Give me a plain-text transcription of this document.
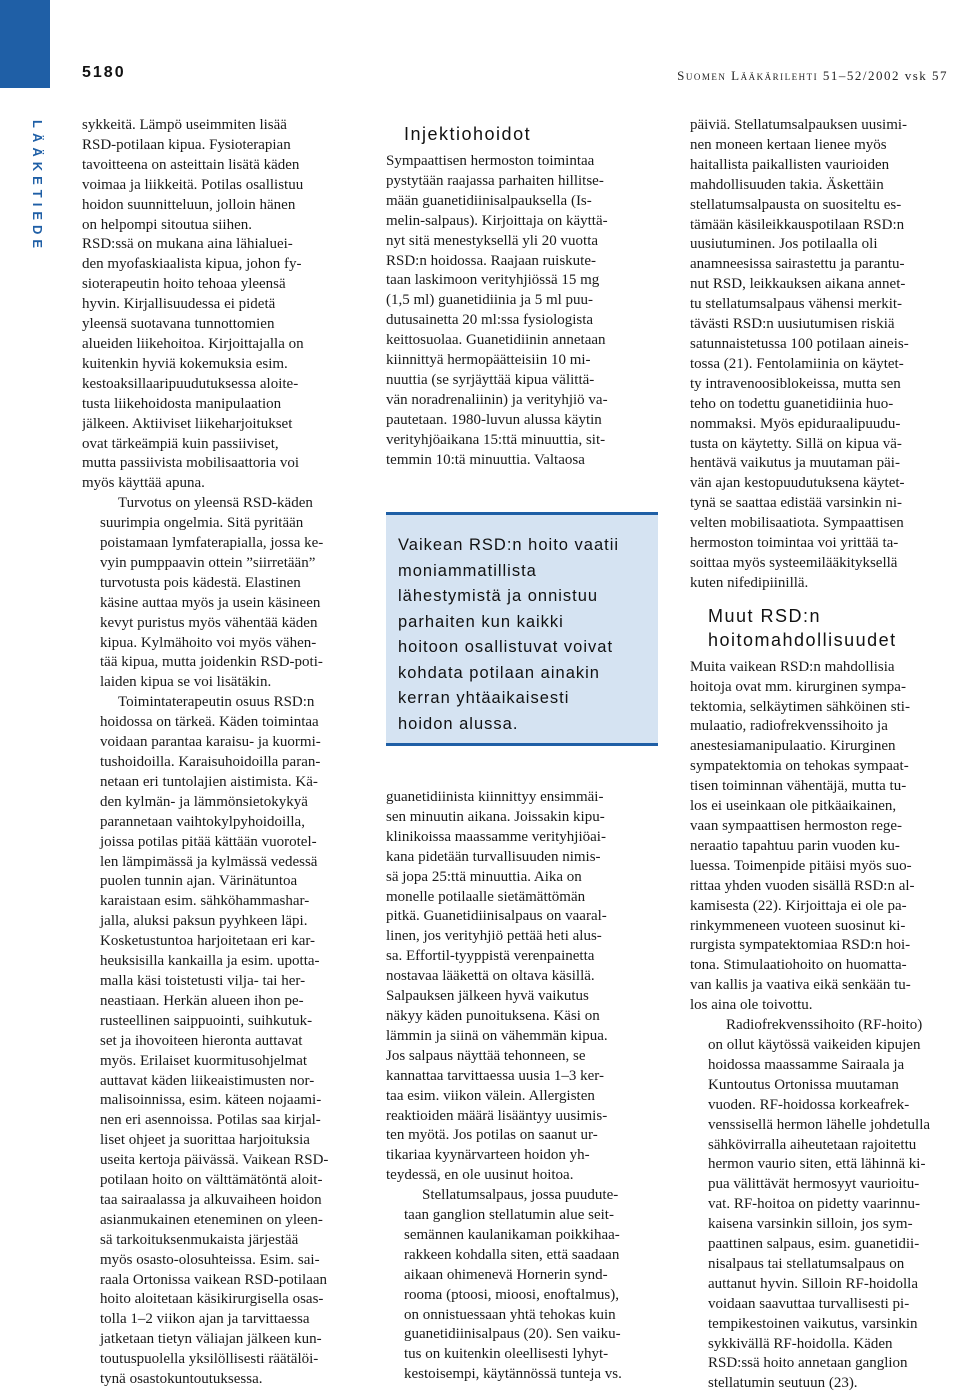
5180	Suomen Lääkärilehti 51–52/2002 vsk 57
LÄÄKETIEDE sykkeitä. Lämpö useimmiten lisää
RSD-potilaan kipua. Fysioterapian
tavoitteena on asteittain lisätä käden
voimaa ja liikkeitä. Potilas osallistuu
hoidon suunnitteluun, jolloin hänen
on helpompi sitoutua siihen.
RSD:ssä on mukana aina lähialuei-
den myofaskiaalista kipua, johon fy-
sioterapeutin hoito tehoaa yleensä
hyvin. Kirjallisuudessa ei pidetä
yleensä suotavana tunnottomien
alueiden liikehoitoa. Kirjoittajalla on
kuitenkin hyviä kokemuksia esim.
kestoaksillaaripuudutuksessa aloite-
tusta liikehoidosta manipulaation
jälkeen. Aktiiviset liikeharjoitukset
ovat tärkeämpiä kuin passiiviset,
mutta passiivista mobilisaattoria voi
myös käyttää apuna.

Turvotus on yleensä RSD-käden
suurimpia ongelmia. Sitä pyritään
poistamaan lymfaterapialla, jossa ke-
vyin pumppaavin ottein ”siirretään”
turvotusta pois kädestä. Elastinen
käsine auttaa myös ja usein käsineen
kevyt puristus myös vähentää käden
kipua. Kylmähoito voi myös vähen-
tää kipua, mutta joidenkin RSD-poti-
laiden kipua se voi lisätäkin.

Toimintaterapeutin osuus RSD:n
hoidossa on tärkeä. Käden toimintaa
voidaan parantaa karaisu- ja kuormi-
tushoidoilla. Karaisuhoidoilla paran-
netaan eri tuntolajien aistimista. Kä-
den kylmän- ja lämmönsietokykyä
parannetaan vaihtokylpyhoidoilla,
joissa potilas pitää kättään vuorotel-
len lämpimässä ja kylmässä vedessä
puolen tunnin ajan. Värinätuntoa
karaistaan esim. sähköhammashar-
jalla, aluksi paksun pyyhkeen läpi.
Kosketustuntoa harjoitetaan eri kar-
heuksisilla kankailla ja esim. upotta-
malla käsi toistetusti vilja- tai her-
neastiaan. Herkän alueen ihon pe-
rusteellinen saippuointi, suihkutuk-
set ja ihovoiteen hieronta auttavat
myös. Erilaiset kuormitusohjelmat
auttavat käden liikeaistimusten nor-
malisoinnissa, esim. käteen nojaami-
nen eri asennoissa. Potilas saa kirjal-
liset ohjeet ja suorittaa harjoituksia
useita kertoja päivässä. Vaikean RSD-
potilaan hoito on välttämätöntä aloit-
taa sairaalassa ja alkuvaiheen hoidon
asianmukainen eteneminen on yleen-
sä tarkoituksenmukaista järjestää
myös osasto-olosuhteissa. Esim. sai-
raala Ortonissa vaikean RSD-potilaan
hoito aloitetaan käsikirurgisella osas-
tolla 1–2 viikon ajan ja tarvittaessa
jatketaan tietyn väliajan jälkeen kun-
toutuspuolella yksilöllisesti räätälöi-
tynä osastokuntoutuksessa.

Injektiohoidot

Sympaattisen hermoston toimintaa
pystytään raajassa parhaiten hillitse-
mään guanetidiinisalpauksella (Is-
melin-salpaus). Kirjoittaja on käyttä-
nyt sitä menestyksellä yli 20 vuotta
RSD:n hoidossa. Raajaan ruiskute-
taan laskimoon verityhjiössä 15 mg
(1,5 ml) guanetidiinia ja 5 ml puu-
dutusainetta 20 ml:ssa fysiologista
keittosuolaa. Guanetidiinin annetaan
kiinnittyä hermopäätteisiin 10 mi-
nuuttia (se syrjäyttää kipua välittä-
vän noradrenaliinin) ja verityhjiö va-
pautetaan. 1980-luvun alussa käytin
verityhjöaikana 15:ttä minuuttia, sit-
temmin 10:tä minuuttia. Valtaosa

Vaikean RSD:n hoito vaatii
moniammatillista
lähestymistä ja onnistuu
parhaiten kun kaikki
hoitoon osallistuvat voivat
kohdata potilaan ainakin
kerran yhtäaikaisesti
hoidon alussa.

guanetidiinista kiinnittyy ensimmäi-
sen minuutin aikana. Joissakin kipu-
klinikoissa maassamme verityhjiöai-
kana pidetään turvallisuuden nimis-
sä jopa 25:ttä minuuttia. Aika on
monelle potilaalle sietämättömän
pitkä. Guanetidiinisalpaus on vaaral-
linen, jos verityhjiö pettää heti alus-
sa. Effortil-tyyppistä verenpainetta
nostavaa lääkettä on oltava käsillä.
Salpauksen jälkeen hyvä vaikutus
näkyy käden punoituksena. Käsi on
lämmin ja siinä on vähemmän kipua.
Jos salpaus näyttää tehonneen, se
kannattaa tarvittaessa uusia 1–3 ker-
taa esim. viikon välein. Allergisten
reaktioiden määrä lisääntyy uusimis-
ten myötä. Jos potilas on saanut ur-
tikariaa kyynärvarteen hoidon yh-
teydessä, en ole uusinut hoitoa.

Stellatumsalpaus, jossa puudute-
taan ganglion stellatumin alue seit-
semännen kaulanikaman poikkihaa-
rakkeen kohdalla siten, että saadaan
aikaan ohimenevä Hornerin synd-
rooma (ptoosi, mioosi, enoftalmus),
on onnistuessaan yhtä tehokas kuin
guanetidiinisalpaus (20). Sen vaiku-
tus on kuitenkin oleellisesti lyhyt-
kestoisempi, käytännössä tunteja vs.

päiviä. Stellatumsalpauksen uusimi-
nen moneen kertaan lienee myös
haitallista paikallisten vaurioiden
mahdollisuuden takia. Äskettäin
stellatumsalpausta on suositeltu es-
tämään käsileikkauspotilaan RSD:n
uusiutuminen. Jos potilaalla oli
anamneesissa sairastettu ja parantu-
nut RSD, leikkauksen aikana annet-
tu stellatumsalpaus vähensi merkit-
tävästi RSD:n uusiutumisen riskiä
satunnaistetussa 100 potilaan aineis-
tossa (21). Fentolamiinia on käytet-
ty intravenoosiblokeissa, mutta sen
teho on todettu guanetidiinia huo-
nommaksi. Myös epiduraalipuudu-
tusta on käytetty. Sillä on kipua vä-
hentävä vaikutus ja muutaman päi-
vän ajan kestopuudutuksena käytet-
tynä se saattaa edistää varsinkin ni-
velten mobilisaatiota. Sympaattisen
hermoston toimintaa voi yrittää ta-
soittaa myös systeemilääkityksellä
kuten nifedipiinillä.

Muut RSD:n
hoitomahdollisuudet

Muita vaikean RSD:n mahdollisia
hoitoja ovat mm. kirurginen sympa-
tektomia, selkäytimen sähköinen sti-
mulaatio, radiofrekvenssihoito ja
anestesiamanipulaatio. Kirurginen
sympatektomia on tehokas sympaat-
tisen toiminnan vähentäjä, mutta tu-
los ei useinkaan ole pitkäaikainen,
vaan sympaattisen hermoston rege-
neraatio tapahtuu parin vuoden ku-
luessa. Toimenpide pitäisi myös suo-
rittaa yhden vuoden sisällä RSD:n al-
kamisesta (22). Kirjoittaja ei ole pa-
rinkymmeneen vuoteen suosinut ki-
rurgista sympatektomiaa RSD:n hoi-
tona. Stimulaatiohoito on huomatta-
van kallis ja vaativa eikä senkään tu-
los aina ole toivottu.

Radiofrekvenssihoito (RF-hoito)
on ollut käytössä vaikeiden kipujen
hoidossa maassamme Sairaala ja
Kuntoutus Ortonissa muutaman
vuoden. RF-hoidossa korkeafrek-
venssisellä hermon lähelle johdetulla
sähkövirralla aiheutetaan rajoitettu
hermon vaurio siten, että lähinnä ki-
pua välittävät hermosyyt vaurioitu-
vat. RF-hoitoa on pidetty vaarinnu-
kaisena varsinkin silloin, jos sym-
paattinen salpaus, esim. guanetidii-
nisalpaus tai stellatumsalpaus on
auttanut hyvin. Silloin RF-hoidolla
voidaan saavuttaa turvallisesti pi-
tempikestoinen vaikutus, varsinkin
sykkivällä RF-hoidolla. Käden
RSD:ssä hoito annetaan ganglion
stellatumin seutuun (23).
